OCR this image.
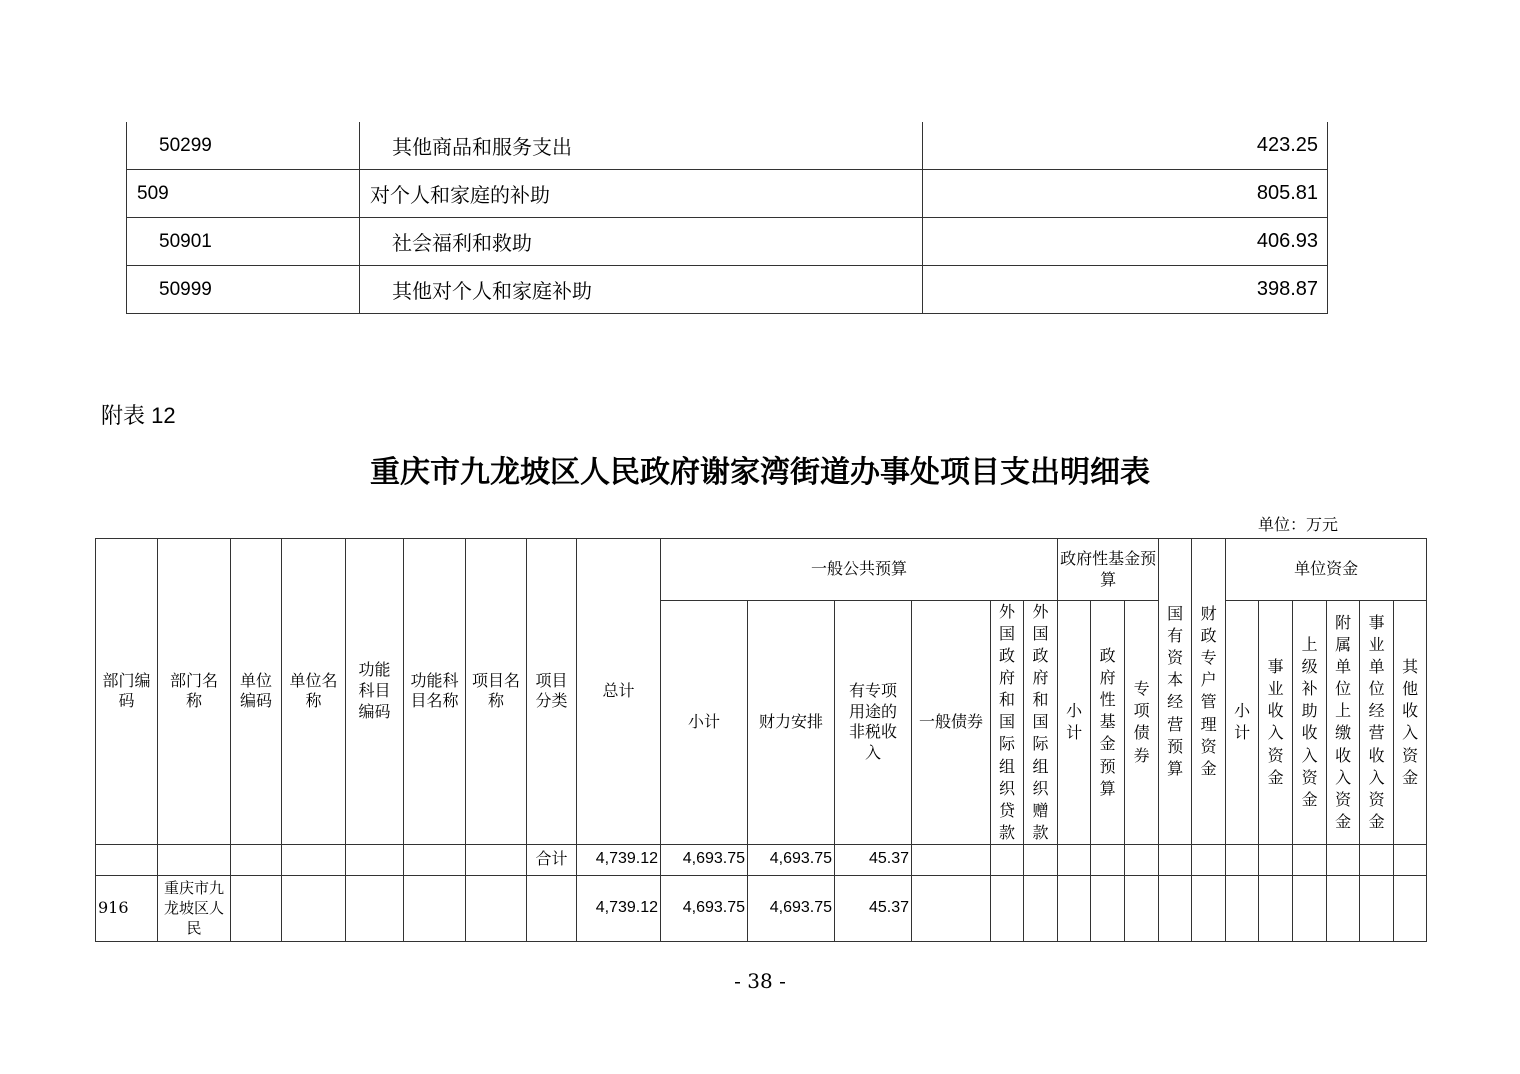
50299	其他商品和服务支出	423.25
509	对个人和家庭的补助	805.81
50901	社会福利和救助	406.93
50999	其他对个人和家庭补助	398.87
附表 12
重庆市九龙坡区人民政府谢家湾街道办事处项目支出明细表
单位：万元
部门编码	部门名称	单位编码	单位名称	功能科目编码	功能科目名称	项目名称	项目分类	总计	一般公共预算						政府性基金预算			国有资本经营预算	财政专户管理资金	单位资金					
									小计	财力安排	有专项用途的非税收入	一般债券	外国政府和国际组织贷款	外国政府和国际组织赠款	小计	政府性基金预算	专项债券			小计	事业收入资金	上级补助收入资金	附属单位上缴收入资金	事业单位经营收入资金	其他收入资金
							合计	4,739.12	4,693.75	4,693.75	45.37														
916	重庆市九龙坡区人民							4,739.12	4,693.75	4,693.75	45.37														
- 38 -
